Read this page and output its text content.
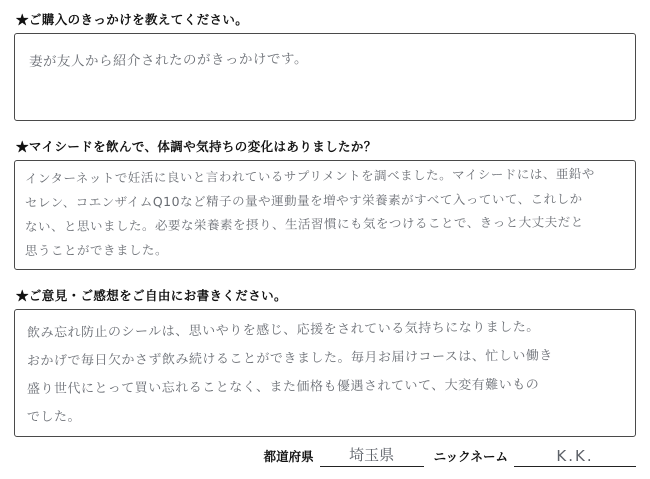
★ご購入のきっかけを教えてください。
妻が友人から紹介されたのがきっかけです。
★マイシードを飲んで、体調や気持ちの変化はありましたか？
インターネットで妊活に良いと言われているサプリメントを調べました。マイシードには、亜鉛や
セレン、コエンザイムQ10など精子の量や運動量を増やす栄養素がすべて入っていて、これしか
ない、と思いました。必要な栄養素を摂り、生活習慣にも気をつけることで、きっと大丈夫だと
思うことができました。
★ご意見・ご感想をご自由にお書きください。
飲み忘れ防止のシールは、思いやりを感じ、応援をされている気持ちになりました。
おかげで毎日欠かさず飲み続けることができました。毎月お届けコースは、忙しい働き
盛り世代にとって買い忘れることなく、また価格も優遇されていて、大変有難いもの
でした。
都道府県	埼玉県	ニックネーム	K.K.
